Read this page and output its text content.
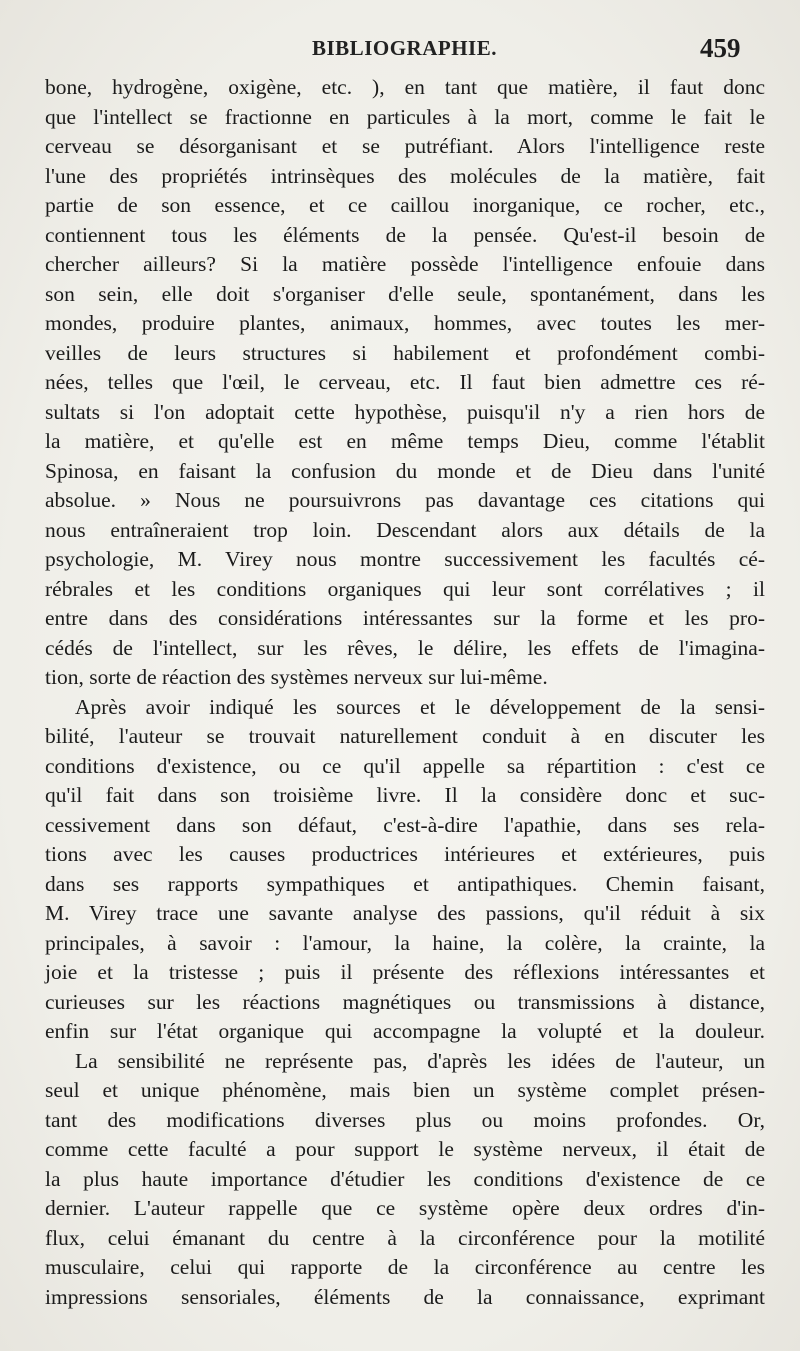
BIBLIOGRAPHIE.	459
bone, hydrogène, oxigène, etc. ), en tant que matière, il faut donc
que l'intellect se fractionne en particules à la mort, comme le fait le
cerveau se désorganisant et se putréfiant. Alors l'intelligence reste
l'une des propriétés intrinsèques des molécules de la matière, fait
partie de son essence, et ce caillou inorganique, ce rocher, etc.,
contiennent tous les éléments de la pensée. Qu'est-il besoin de
chercher ailleurs? Si la matière possède l'intelligence enfouie dans
son sein, elle doit s'organiser d'elle seule, spontanément, dans les
mondes, produire plantes, animaux, hommes, avec toutes les mer-
veilles de leurs structures si habilement et profondément combi-
nées, telles que l'œil, le cerveau, etc. Il faut bien admettre ces ré-
sultats si l'on adoptait cette hypothèse, puisqu'il n'y a rien hors de
la matière, et qu'elle est en même temps Dieu, comme l'établit
Spinosa, en faisant la confusion du monde et de Dieu dans l'unité
absolue. » Nous ne poursuivrons pas davantage ces citations qui
nous entraîneraient trop loin. Descendant alors aux détails de la
psychologie, M. Virey nous montre successivement les facultés cé-
rébrales et les conditions organiques qui leur sont corrélatives ; il
entre dans des considérations intéressantes sur la forme et les pro-
cédés de l'intellect, sur les rêves, le délire, les effets de l'imagina-
tion, sorte de réaction des systèmes nerveux sur lui-même.
Après avoir indiqué les sources et le développement de la sensi-
bilité, l'auteur se trouvait naturellement conduit à en discuter les
conditions d'existence, ou ce qu'il appelle sa répartition : c'est ce
qu'il fait dans son troisième livre. Il la considère donc et suc-
cessivement dans son défaut, c'est-à-dire l'apathie, dans ses rela-
tions avec les causes productrices intérieures et extérieures, puis
dans ses rapports sympathiques et antipathiques. Chemin faisant,
M. Virey trace une savante analyse des passions, qu'il réduit à six
principales, à savoir : l'amour, la haine, la colère, la crainte, la
joie et la tristesse ; puis il présente des réflexions intéressantes et
curieuses sur les réactions magnétiques ou transmissions à distance,
enfin sur l'état organique qui accompagne la volupté et la douleur.
La sensibilité ne représente pas, d'après les idées de l'auteur, un
seul et unique phénomène, mais bien un système complet présen-
tant des modifications diverses plus ou moins profondes. Or,
comme cette faculté a pour support le système nerveux, il était de
la plus haute importance d'étudier les conditions d'existence de ce
dernier. L'auteur rappelle que ce système opère deux ordres d'in-
flux, celui émanant du centre à la circonférence pour la motilité
musculaire, celui qui rapporte de la circonférence au centre les
impressions sensoriales, éléments de la connaissance, exprimant
